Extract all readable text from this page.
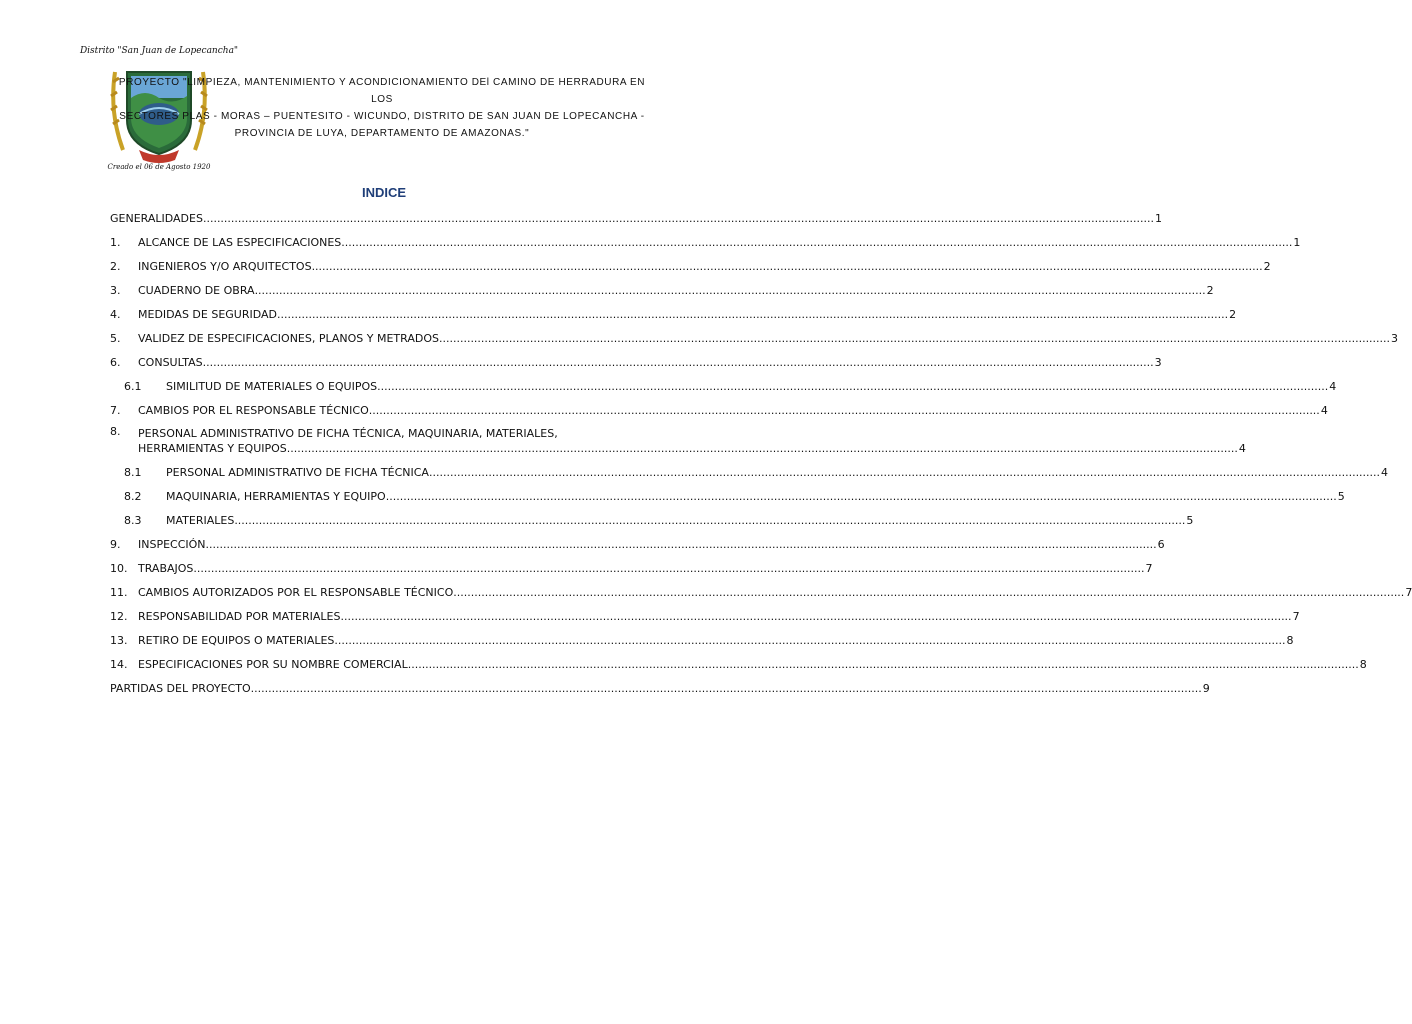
Distrito "San Juan de Lopecancha"
Creado el 06 de Agosto 1920
PROYECTO "LIMPIEZA, MANTENIMIENTO Y ACONDICIONAMIENTO DEl CAMINO DE HERRADURA EN LOS
SECTORES PLAS - MORAS – PUENTESITO - WICUNDO, DISTRITO DE SAN JUAN DE LOPECANCHA -
PROVINCIA DE LUYA, DEPARTAMENTO DE AMAZONAS."
INDICE
GENERALIDADES .....	1
1.	ALCANCE DE LAS ESPECIFICACIONES .....	1
2.	INGENIEROS Y/O ARQUITECTOS .....	2
3.	CUADERNO DE OBRA .....	2
4.	MEDIDAS DE SEGURIDAD .....	2
5.	VALIDEZ DE ESPECIFICACIONES, PLANOS Y METRADOS .....	3
6.	CONSULTAS .....	3
6.1	SIMILITUD DE MATERIALES O EQUIPOS .....	4
7.	CAMBIOS POR EL RESPONSABLE TÉCNICO .....	4
8.	PERSONAL ADMINISTRATIVO DE FICHA TÉCNICA, MAQUINARIA, MATERIALES,
HERRAMIENTAS Y EQUIPOS .....	4
8.1	PERSONAL ADMINISTRATIVO DE FICHA TÉCNICA .....	4
8.2	MAQUINARIA, HERRAMIENTAS Y EQUIPO .....	5
8.3	MATERIALES .....	5
9.	INSPECCIÓN .....	6
10. TRABAJOS .....	7
11. CAMBIOS AUTORIZADOS POR EL RESPONSABLE TÉCNICO .....	7
12. RESPONSABILIDAD POR MATERIALES .....	7
13. RETIRO DE EQUIPOS O MATERIALES .....	8
14. ESPECIFICACIONES POR SU NOMBRE COMERCIAL .....	8
PARTIDAS DEL PROYECTO .....	9
